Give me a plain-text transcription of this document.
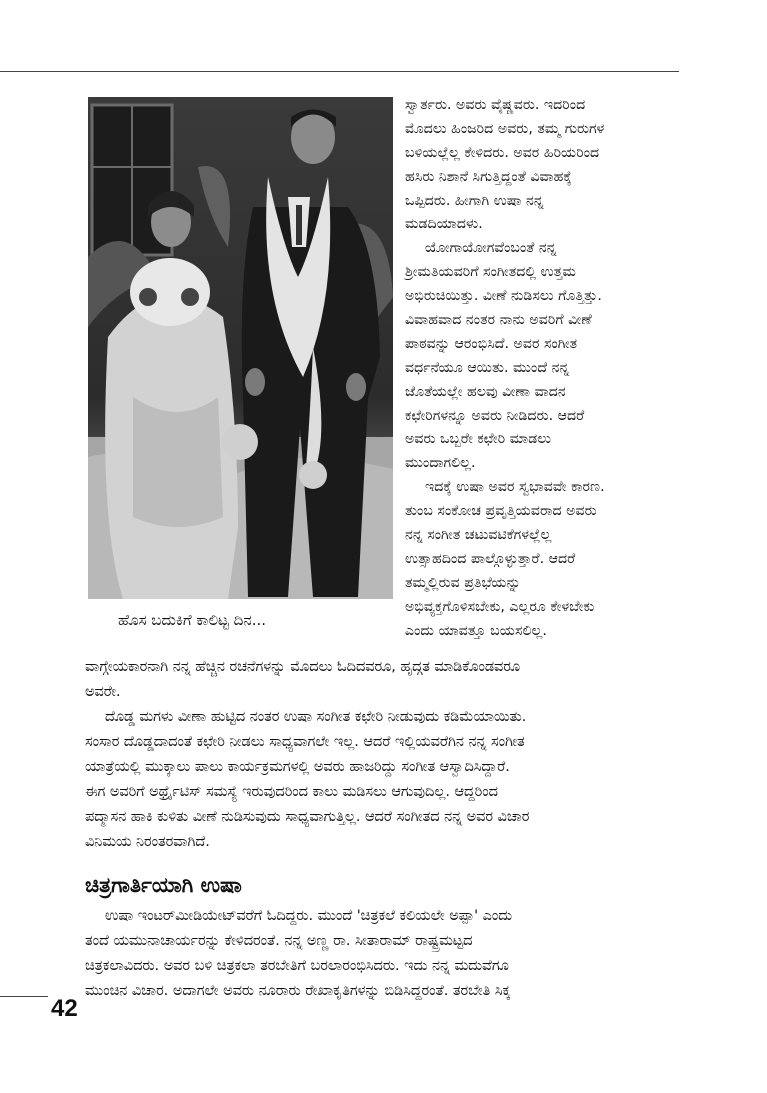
ಹೊಸ ಬದುಕಿಗೆ ಕಾಲಿಟ್ಟ ದಿನ...
ಸ್ವಾರ್ತರು. ಅವರು ವೈಷ್ಣವರು. ಇದರಿಂದ
ಮೊದಲು ಹಿಂಜರಿದ ಅವರು, ತಮ್ಮ ಗುರುಗಳ
ಬಳಿಯಲ್ಲೆಲ್ಲ ಕೇಳಿದರು. ಅವರ ಹಿರಿಯರಿಂದ
ಹಸಿರು ನಿಶಾನೆ ಸಿಗುತ್ತಿದ್ದಂತೆ ವಿವಾಹಕ್ಕೆ
ಒಪ್ಪಿದರು. ಹೀಗಾಗಿ ಉಷಾ ನನ್ನ
ಮಡದಿಯಾದಳು.
ಯೋಗಾಯೋಗವೆಂಬಂತೆ ನನ್ನ
ಶ್ರೀಮತಿಯವರಿಗೆ ಸಂಗೀತದಲ್ಲಿ ಉತ್ತಮ
ಅಭಿರುಚಿಯಿತ್ತು. ವೀಣೆ ನುಡಿಸಲು ಗೊತ್ತಿತ್ತು.
ವಿವಾಹವಾದ ನಂತರ ನಾನು ಅವರಿಗೆ ವೀಣೆ
ಪಾಠವನ್ನು ಆರಂಭಿಸಿದೆ. ಅವರ ಸಂಗೀತ
ವರ್ಧನೆಯೂ ಆಯಿತು. ಮುಂದೆ ನನ್ನ
ಜೊತೆಯಲ್ಲೇ ಹಲವು ವೀಣಾ ವಾದನ
ಕಛೇರಿಗಳನ್ನೂ ಅವರು ನೀಡಿದರು. ಆದರೆ
ಅವರು ಒಬ್ಬರೇ ಕಛೇರಿ ಮಾಡಲು
ಮುಂದಾಗಲಿಲ್ಲ.
ಇದಕ್ಕೆ ಉಷಾ ಅವರ ಸ್ವಭಾವವೇ ಕಾರಣ.
ತುಂಬ ಸಂಕೋಚ ಪ್ರವೃತ್ತಿಯವರಾದ ಅವರು
ನನ್ನ ಸಂಗೀತ ಚಟುವಟಿಕೆಗಳಲ್ಲೆಲ್ಲ
ಉತ್ಸಾಹದಿಂದ ಪಾಲ್ಗೊಳ್ಳುತ್ತಾರೆ. ಆದರೆ
ತಮ್ಮಲ್ಲಿರುವ ಪ್ರತಿಭೆಯನ್ನು
ಅಭಿವ್ಯಕ್ತಗೊಳಿಸಬೇಕು, ಎಲ್ಲರೂ ಕೇಳಬೇಕು
ಎಂದು ಯಾವತ್ತೂ ಬಯಸಲಿಲ್ಲ.
ವಾಗ್ಗೇಯಕಾರನಾಗಿ ನನ್ನ ಹೆಚ್ಚಿನ ರಚನೆಗಳನ್ನು ಮೊದಲು ಓದಿದವರೂ, ಹೃದ್ಗತ ಮಾಡಿಕೊಂಡವರೂ
ಅವರೇ.
ದೊಡ್ಡ ಮಗಳು ವೀಣಾ ಹುಟ್ಟಿದ ನಂತರ ಉಷಾ ಸಂಗೀತ ಕಛೇರಿ ನೀಡುವುದು ಕಡಿಮೆಯಾಯಿತು.
ಸಂಸಾರ ದೊಡ್ಡದಾದಂತೆ ಕಛೇರಿ ನೀಡಲು ಸಾಧ್ಯವಾಗಲೇ ಇಲ್ಲ. ಆದರೆ ಇಲ್ಲಿಯವರೆಗಿನ ನನ್ನ ಸಂಗೀತ
ಯಾತ್ರೆಯಲ್ಲಿ ಮುಕ್ಕಾಲು ಪಾಲು ಕಾರ್ಯಕ್ರಮಗಳಲ್ಲಿ ಅವರು ಹಾಜರಿದ್ದು ಸಂಗೀತ ಆಸ್ವಾದಿಸಿದ್ದಾರೆ.
ಈಗ ಅವರಿಗೆ ಅರ್ಥ್ರೈಟಿಸ್ ಸಮಸ್ಯೆ ಇರುವುದರಿಂದ ಕಾಲು ಮಡಿಸಲು ಆಗುವುದಿಲ್ಲ. ಆದ್ದರಿಂದ
ಪದ್ಮಾಸನ ಹಾಕಿ ಕುಳಿತು ವೀಣೆ ನುಡಿಸುವುದು ಸಾಧ್ಯವಾಗುತ್ತಿಲ್ಲ. ಆದರೆ ಸಂಗೀತದ ನನ್ನ ಅವರ ವಿಚಾರ
ವಿನಿಮಯ ನಿರಂತರವಾಗಿದೆ.
ಚಿತ್ರಗಾರ್ತಿಯಾಗಿ ಉಷಾ
ಉಷಾ ಇಂಟರ್‌ಮೀಡಿಯೇಟ್‌ವರೆಗೆ ಓದಿದ್ದರು. ಮುಂದೆ 'ಚಿತ್ರಕಲೆ ಕಲಿಯಲೇ ಅಪ್ಪಾ' ಎಂದು
ತಂದೆ ಯಮುನಾಚಾರ್ಯರನ್ನು ಕೇಳಿದರಂತೆ. ನನ್ನ ಅಣ್ಣ ರಾ. ಸೀತಾರಾಮ್ ರಾಷ್ಟ್ರಮಟ್ಟದ
ಚಿತ್ರಕಲಾವಿದರು. ಅವರ ಬಳಿ ಚಿತ್ರಕಲಾ ತರಬೇತಿಗೆ ಬರಲಾರಂಭಿಸಿದರು. ಇದು ನನ್ನ ಮದುವೆಗೂ
ಮುಂಚಿನ ವಿಚಾರ. ಅದಾಗಲೇ ಅವರು ನೂರಾರು ರೇಖಾಕೃತಿಗಳನ್ನು ಬಿಡಿಸಿದ್ದರಂತೆ. ತರಬೇತಿ ಸಿಕ್ಕ
42
